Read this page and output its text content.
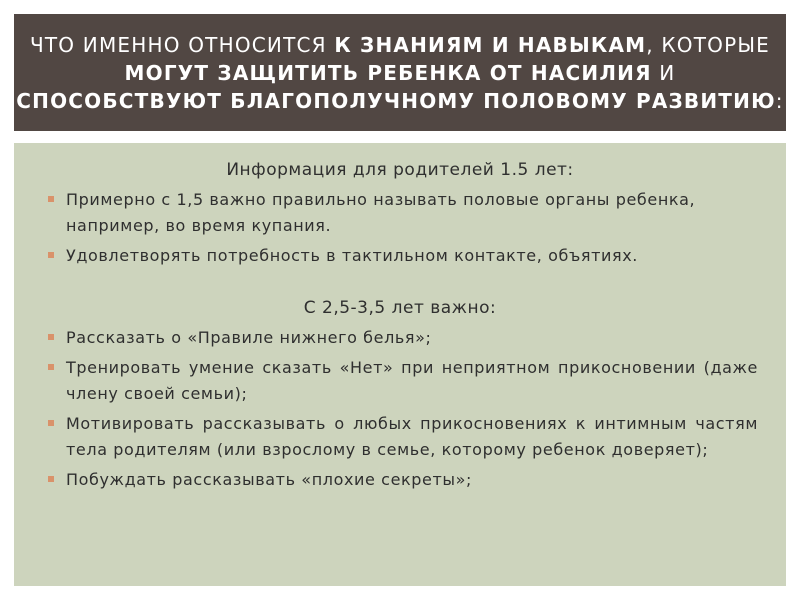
ЧТО ИМЕННО ОТНОСИТСЯ К ЗНАНИЯМ И НАВЫКАМ, КОТОРЫЕ МОГУТ ЗАЩИТИТЬ РЕБЕНКА ОТ НАСИЛИЯ И
СПОСОБСТВУЮТ БЛАГОПОЛУЧНОМУ ПОЛОВОМУ РАЗВИТИЮ:

Информация для родителей 1.5 лет:

Примерно с 1,5 важно правильно называть половые органы ребенка, например, во время купания.
Удовлетворять потребность в тактильном контакте, объятиях.

С 2,5-3,5 лет важно:

Рассказать о «Правиле нижнего белья»;
Тренировать умение сказать «Нет» при неприятном прикосновении (даже члену своей семьи);
Мотивировать рассказывать о любых прикосновениях к интимным частям тела родителям (или взрослому в семье, которому ребенок доверяет);
Побуждать рассказывать «плохие секреты»;
